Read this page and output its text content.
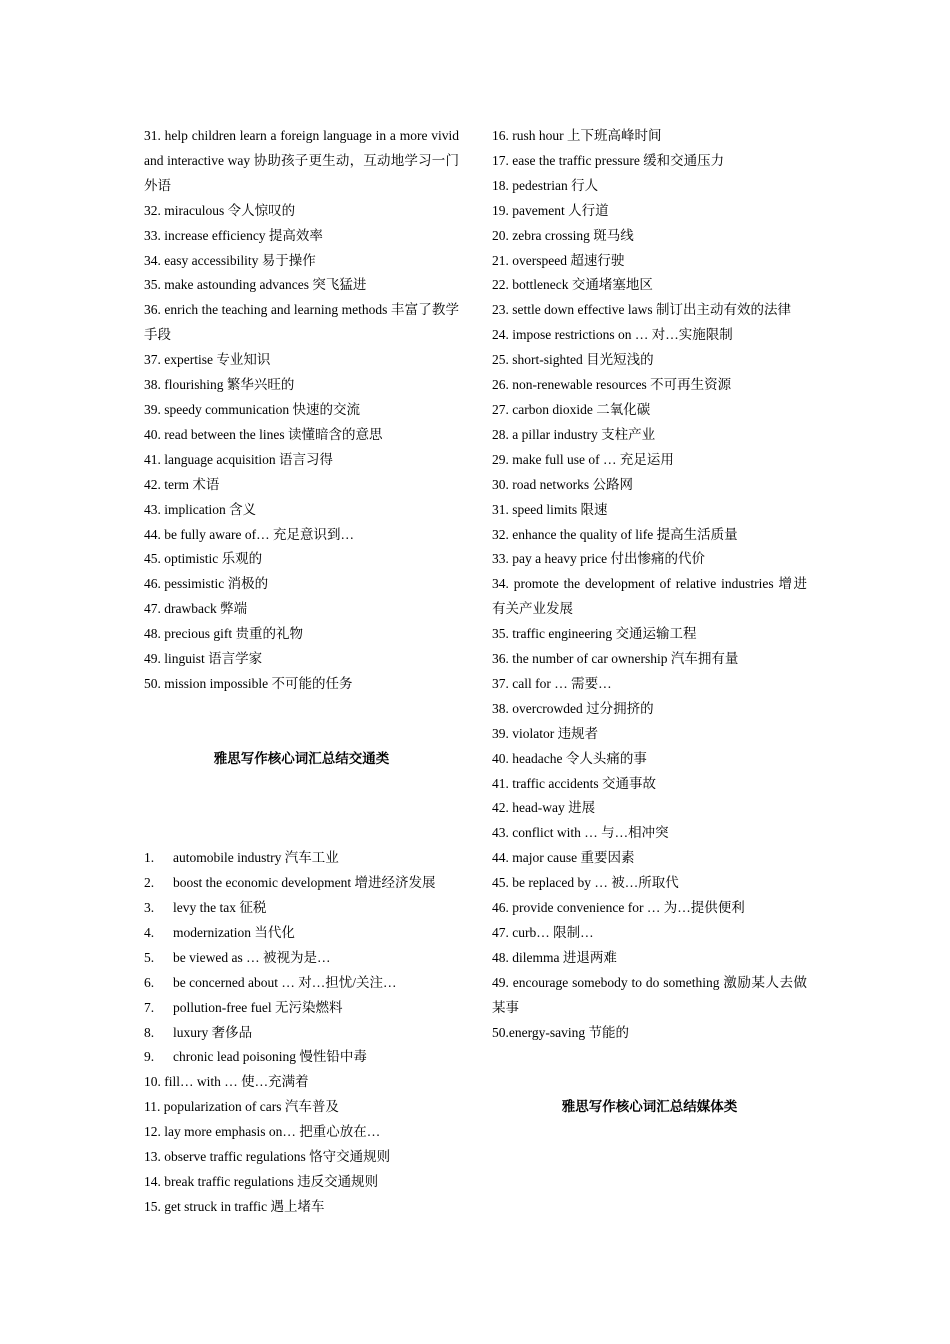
31. help children learn a foreign language in a more vivid and interactive way 协助孩子更生动，互动地学习一门外语
32. miraculous 令人惊叹的
33. increase efficiency 提高效率
34. easy accessibility 易于操作
35. make astounding advances 突飞猛进
36. enrich the teaching and learning methods 丰富了教学手段
37. expertise 专业知识
38. flourishing 繁华兴旺的
39. speedy communication 快速的交流
40. read between the lines 读懂暗含的意思
41. language acquisition 语言习得
42. term 术语
43. implication 含义
44. be fully aware of… 充足意识到…
45. optimistic 乐观的
46. pessimistic 消极的
47. drawback 弊端
48. precious gift 贵重的礼物
49. linguist 语言学家
50. mission impossible 不可能的任务
雅思写作核心词汇总结交通类
1. automobile industry 汽车工业
2. boost the economic development 增进经济发展
3. levy the tax 征税
4. modernization 当代化
5. be viewed as … 被视为是…
6. be concerned about … 对…担忧/关注…
7. pollution-free fuel 无污染燃料
8. luxury 奢侈品
9. chronic lead poisoning 慢性铅中毒
10. fill… with … 使…充满着
11. popularization of cars 汽车普及
12. lay more emphasis on… 把重心放在…
13. observe traffic regulations 恪守交通规则
14. break traffic regulations 违反交通规则
15. get struck in traffic 遇上堵车
16. rush hour 上下班高峰时间
17. ease the traffic pressure 缓和交通压力
18. pedestrian 行人
19. pavement 人行道
20. zebra crossing 斑马线
21. overspeed 超速行驶
22. bottleneck 交通堵塞地区
23. settle down effective laws 制订出主动有效的法律
24. impose restrictions on … 对…实施限制
25. short-sighted 目光短浅的
26. non-renewable resources 不可再生资源
27. carbon dioxide 二氧化碳
28. a pillar industry 支柱产业
29. make full use of … 充足运用
30. road networks 公路网
31. speed limits 限速
32. enhance the quality of life 提高生活质量
33. pay a heavy price 付出惨痛的代价
34. promote the development of relative industries 增进有关产业发展
35. traffic engineering 交通运输工程
36. the number of car ownership 汽车拥有量
37. call for … 需要…
38. overcrowded 过分拥挤的
39. violator 违规者
40. headache 令人头痛的事
41. traffic accidents 交通事故
42. head-way 进展
43. conflict with … 与…相冲突
44. major cause 重要因素
45. be replaced by … 被…所取代
46. provide convenience for … 为…提供便利
47. curb… 限制…
48. dilemma 进退两难
49. encourage somebody to do something 激励某人去做某事
50.energy-saving 节能的
雅思写作核心词汇总结媒体类
